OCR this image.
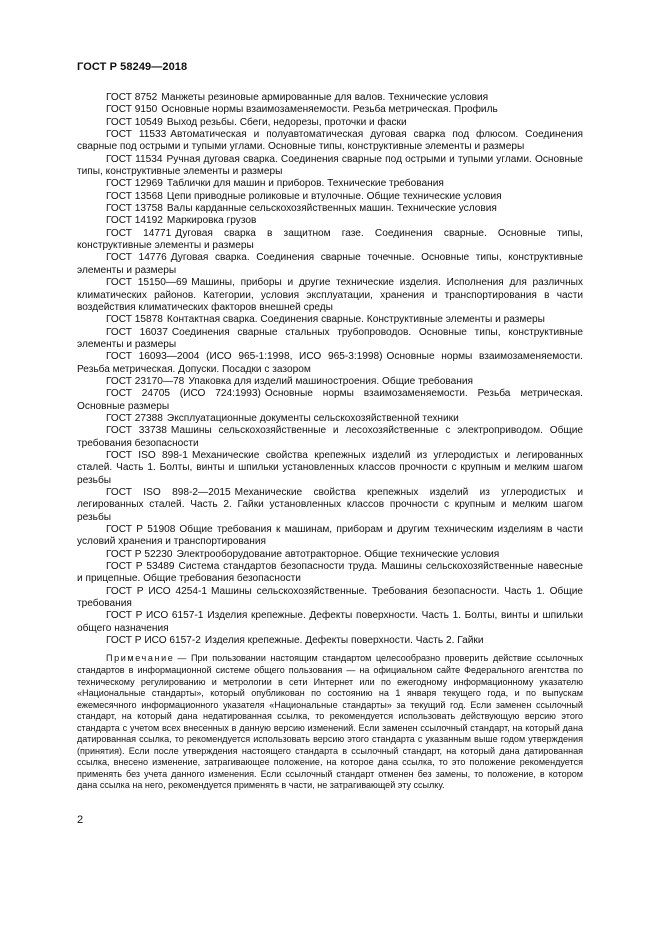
ГОСТ Р 58249—2018

ГОСТ 8752 Манжеты резиновые армированные для валов. Технические условия

ГОСТ 9150 Основные нормы взаимозаменяемости. Резьба метрическая. Профиль

ГОСТ 10549 Выход резьбы. Сбеги, недорезы, проточки и фаски

ГОСТ 11533 Автоматическая и полуавтоматическая дуговая сварка под флюсом. Соединения сварные под острыми и тупыми углами. Основные типы, конструктивные элементы и размеры

ГОСТ 11534 Ручная дуговая сварка. Соединения сварные под острыми и тупыми углами. Основные типы, конструктивные элементы и размеры

ГОСТ 12969 Таблички для машин и приборов. Технические требования

ГОСТ 13568 Цепи приводные роликовые и втулочные. Общие технические условия

ГОСТ 13758 Валы карданные сельскохозяйственных машин. Технические условия

ГОСТ 14192 Маркировка грузов

ГОСТ 14771 Дуговая сварка в защитном газе. Соединения сварные. Основные типы, конструктивные элементы и размеры

ГОСТ 14776 Дуговая сварка. Соединения сварные точечные. Основные типы, конструктивные элементы и размеры

ГОСТ 15150—69 Машины, приборы и другие технические изделия. Исполнения для различных климатических районов. Категории, условия эксплуатации, хранения и транспортирования в части воздействия климатических факторов внешней среды

ГОСТ 15878 Контактная сварка. Соединения сварные. Конструктивные элементы и размеры

ГОСТ 16037 Соединения сварные стальных трубопроводов. Основные типы, конструктивные элементы и размеры

ГОСТ 16093—2004 (ИСО 965-1:1998, ИСО 965-3:1998) Основные нормы взаимозаменяемости. Резьба метрическая. Допуски. Посадки с зазором

ГОСТ 23170—78 Упаковка для изделий машиностроения. Общие требования

ГОСТ 24705 (ИСО 724:1993) Основные нормы взаимозаменяемости. Резьба метрическая. Основные размеры

ГОСТ 27388 Эксплуатационные документы сельскохозяйственной техники

ГОСТ 33738 Машины сельскохозяйственные и лесохозяйственные с электроприводом. Общие требования безопасности

ГОСТ ISO 898-1 Механические свойства крепежных изделий из углеродистых и легированных сталей. Часть 1. Болты, винты и шпильки установленных классов прочности с крупным и мелким шагом резьбы

ГОСТ ISO 898-2—2015 Механические свойства крепежных изделий из углеродистых и легированных сталей. Часть 2. Гайки установленных классов прочности с крупным и мелким шагом резьбы

ГОСТ Р 51908 Общие требования к машинам, приборам и другим техническим изделиям в части условий хранения и транспортирования

ГОСТ Р 52230 Электрооборудование автотракторное. Общие технические условия

ГОСТ Р 53489 Система стандартов безопасности труда. Машины сельскохозяйственные навесные и прицепные. Общие требования безопасности

ГОСТ Р ИСО 4254-1 Машины сельскохозяйственные. Требования безопасности. Часть 1. Общие требования

ГОСТ Р ИСО 6157-1 Изделия крепежные. Дефекты поверхности. Часть 1. Болты, винты и шпильки общего назначения

ГОСТ Р ИСО 6157-2 Изделия крепежные. Дефекты поверхности. Часть 2. Гайки

Примечание — При пользовании настоящим стандартом целесообразно проверить действие ссылочных стандартов в информационной системе общего пользования — на официальном сайте Федерального агентства по техническому регулированию и метрологии в сети Интернет или по ежегодному информационному указателю «Национальные стандарты», который опубликован по состоянию на 1 января текущего года, и по выпускам ежемесячного информационного указателя «Национальные стандарты» за текущий год. Если заменен ссылочный стандарт, на который дана недатированная ссылка, то рекомендуется использовать действующую версию этого стандарта с учетом всех внесенных в данную версию изменений. Если заменен ссылочный стандарт, на который дана датированная ссылка, то рекомендуется использовать версию этого стандарта с указанным выше годом утверждения (принятия). Если после утверждения настоящего стандарта в ссылочный стандарт, на который дана датированная ссылка, внесено изменение, затрагивающее положение, на которое дана ссылка, то это положение рекомендуется применять без учета данного изменения. Если ссылочный стандарт отменен без замены, то положение, в котором дана ссылка на него, рекомендуется применять в части, не затрагивающей эту ссылку.

2
